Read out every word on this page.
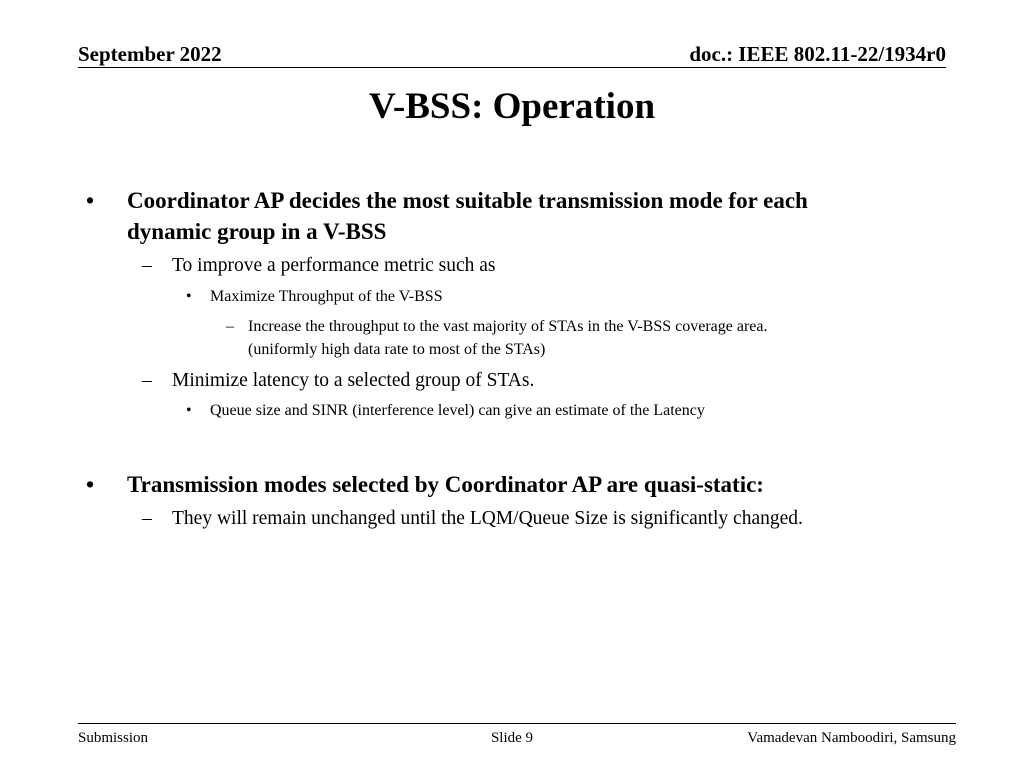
September 2022	doc.: IEEE 802.11-22/1934r0
V-BSS: Operation
• Coordinator AP decides the most suitable transmission mode for each
dynamic group in a V-BSS
– To improve a performance metric such as
• Maximize Throughput of the V-BSS
– Increase the throughput to the vast majority of STAs in the V-BSS coverage area.
(uniformly high data rate to most of the STAs)
– Minimize latency to a selected group of STAs.
• Queue size and SINR (interference level) can give an estimate of the Latency
• Transmission modes selected by Coordinator AP are quasi-static:
– They will remain unchanged until the LQM/Queue Size is significantly changed.
Submission	Slide 9	Vamadevan Namboodiri, Samsung
